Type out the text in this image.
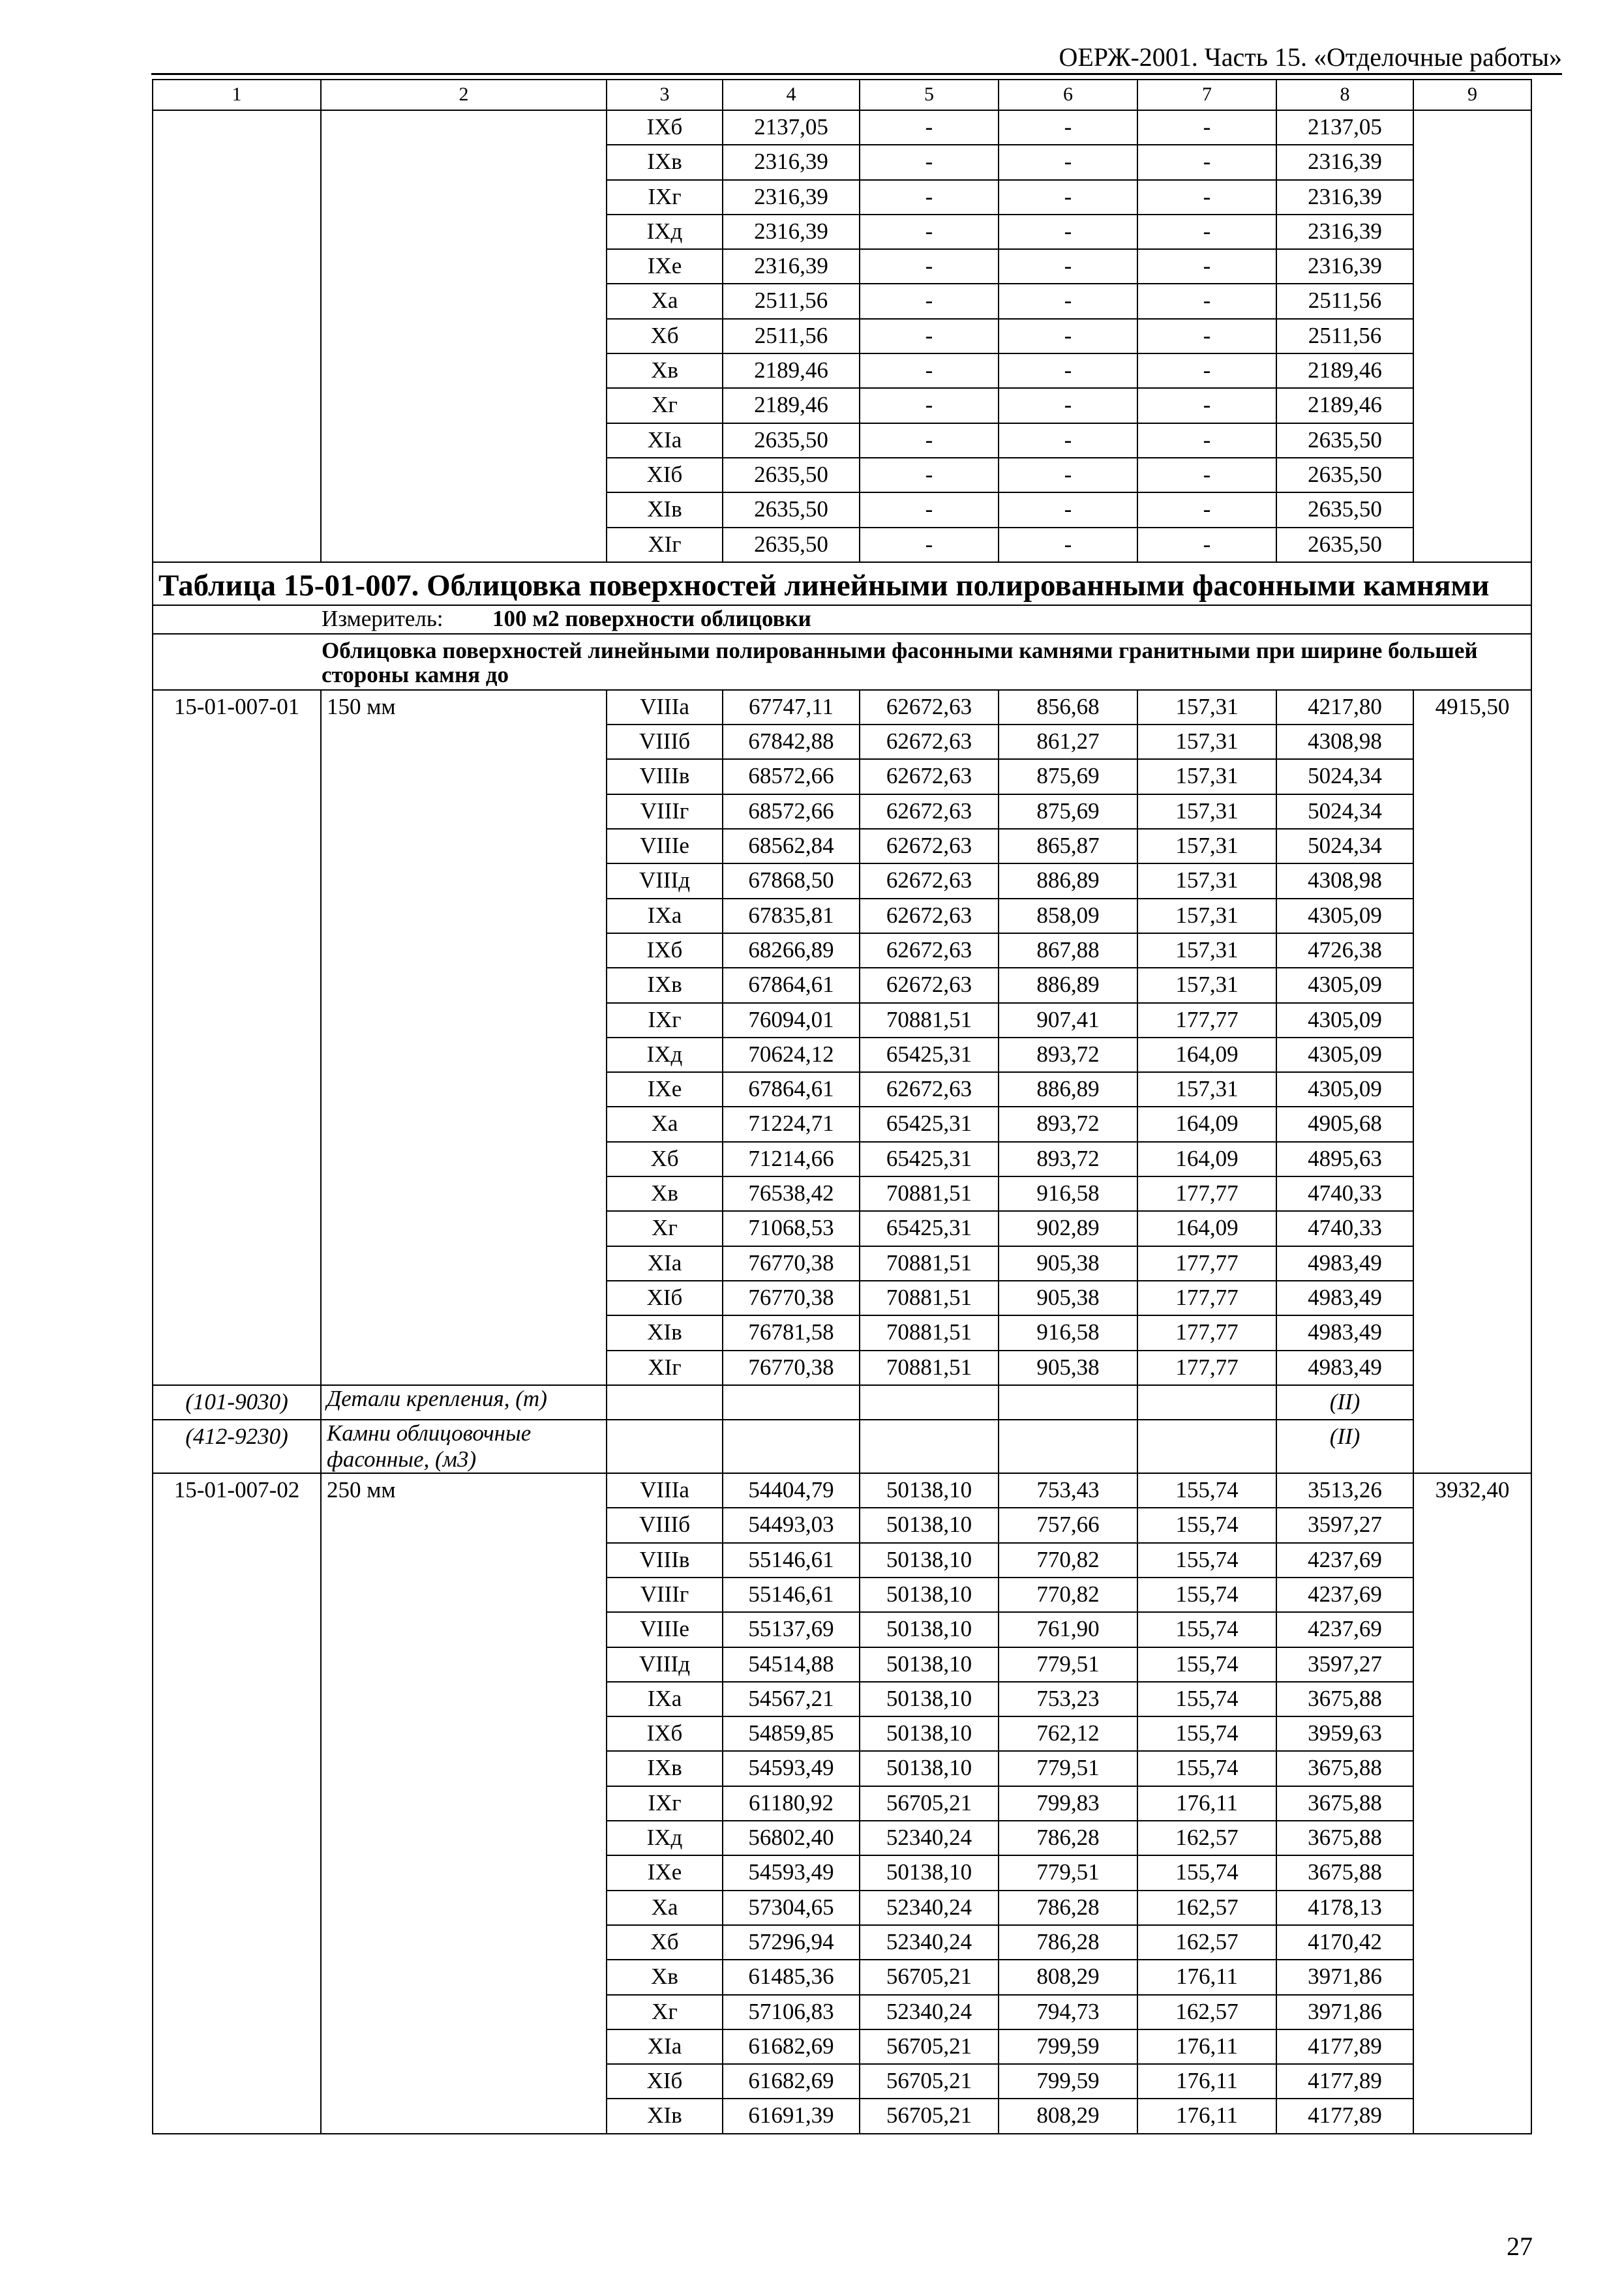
ОЕРЖ-2001. Часть 15. «Отделочные работы»
1	2	3	4	5	6	7	8	9
		IXб	2137,05	-	-	-	2137,05	
		IXв	2316,39	-	-	-	2316,39	
		IXг	2316,39	-	-	-	2316,39	
		IXд	2316,39	-	-	-	2316,39	
		IXе	2316,39	-	-	-	2316,39	
		Xа	2511,56	-	-	-	2511,56	
		Xб	2511,56	-	-	-	2511,56	
		Xв	2189,46	-	-	-	2189,46	
		Xг	2189,46	-	-	-	2189,46	
		XIа	2635,50	-	-	-	2635,50	
		XIб	2635,50	-	-	-	2635,50	
		XIв	2635,50	-	-	-	2635,50	
		XIг	2635,50	-	-	-	2635,50	
Таблица 15-01-007. Облицовка поверхностей линейными полированными фасонными камнями								
Измеритель: 100 м2 поверхности облицовки								
Облицовка поверхностей линейными полированными фасонными камнями гранитными при ширине большей стороны камня до								
15-01-007-01	150 мм	VIIIа	67747,11	62672,63	856,68	157,31	4217,80	4915,50
		VIIIб	67842,88	62672,63	861,27	157,31	4308,98	
		VIIIв	68572,66	62672,63	875,69	157,31	5024,34	
		VIIIг	68572,66	62672,63	875,69	157,31	5024,34	
		VIIIе	68562,84	62672,63	865,87	157,31	5024,34	
		VIIIд	67868,50	62672,63	886,89	157,31	4308,98	
		IXа	67835,81	62672,63	858,09	157,31	4305,09	
		IXб	68266,89	62672,63	867,88	157,31	4726,38	
		IXв	67864,61	62672,63	886,89	157,31	4305,09	
		IXг	76094,01	70881,51	907,41	177,77	4305,09	
		IXд	70624,12	65425,31	893,72	164,09	4305,09	
		IXе	67864,61	62672,63	886,89	157,31	4305,09	
		Xа	71224,71	65425,31	893,72	164,09	4905,68	
		Xб	71214,66	65425,31	893,72	164,09	4895,63	
		Xв	76538,42	70881,51	916,58	177,77	4740,33	
		Xг	71068,53	65425,31	902,89	164,09	4740,33	
		XIа	76770,38	70881,51	905,38	177,77	4983,49	
		XIб	76770,38	70881,51	905,38	177,77	4983,49	
		XIв	76781,58	70881,51	916,58	177,77	4983,49	
		XIг	76770,38	70881,51	905,38	177,77	4983,49	
(101-9030)	Детали крепления, (т)						(II)	
(412-9230)	Камни облицовочные фасонные, (м3)						(II)	
15-01-007-02	250 мм	VIIIа	54404,79	50138,10	753,43	155,74	3513,26	3932,40
		VIIIб	54493,03	50138,10	757,66	155,74	3597,27	
		VIIIв	55146,61	50138,10	770,82	155,74	4237,69	
		VIIIг	55146,61	50138,10	770,82	155,74	4237,69	
		VIIIе	55137,69	50138,10	761,90	155,74	4237,69	
		VIIIд	54514,88	50138,10	779,51	155,74	3597,27	
		IXа	54567,21	50138,10	753,23	155,74	3675,88	
		IXб	54859,85	50138,10	762,12	155,74	3959,63	
		IXв	54593,49	50138,10	779,51	155,74	3675,88	
		IXг	61180,92	56705,21	799,83	176,11	3675,88	
		IXд	56802,40	52340,24	786,28	162,57	3675,88	
		IXе	54593,49	50138,10	779,51	155,74	3675,88	
		Xа	57304,65	52340,24	786,28	162,57	4178,13	
		Xб	57296,94	52340,24	786,28	162,57	4170,42	
		Xв	61485,36	56705,21	808,29	176,11	3971,86	
		Xг	57106,83	52340,24	794,73	162,57	3971,86	
		XIа	61682,69	56705,21	799,59	176,11	4177,89	
		XIб	61682,69	56705,21	799,59	176,11	4177,89	
		XIв	61691,39	56705,21	808,29	176,11	4177,89	
27
